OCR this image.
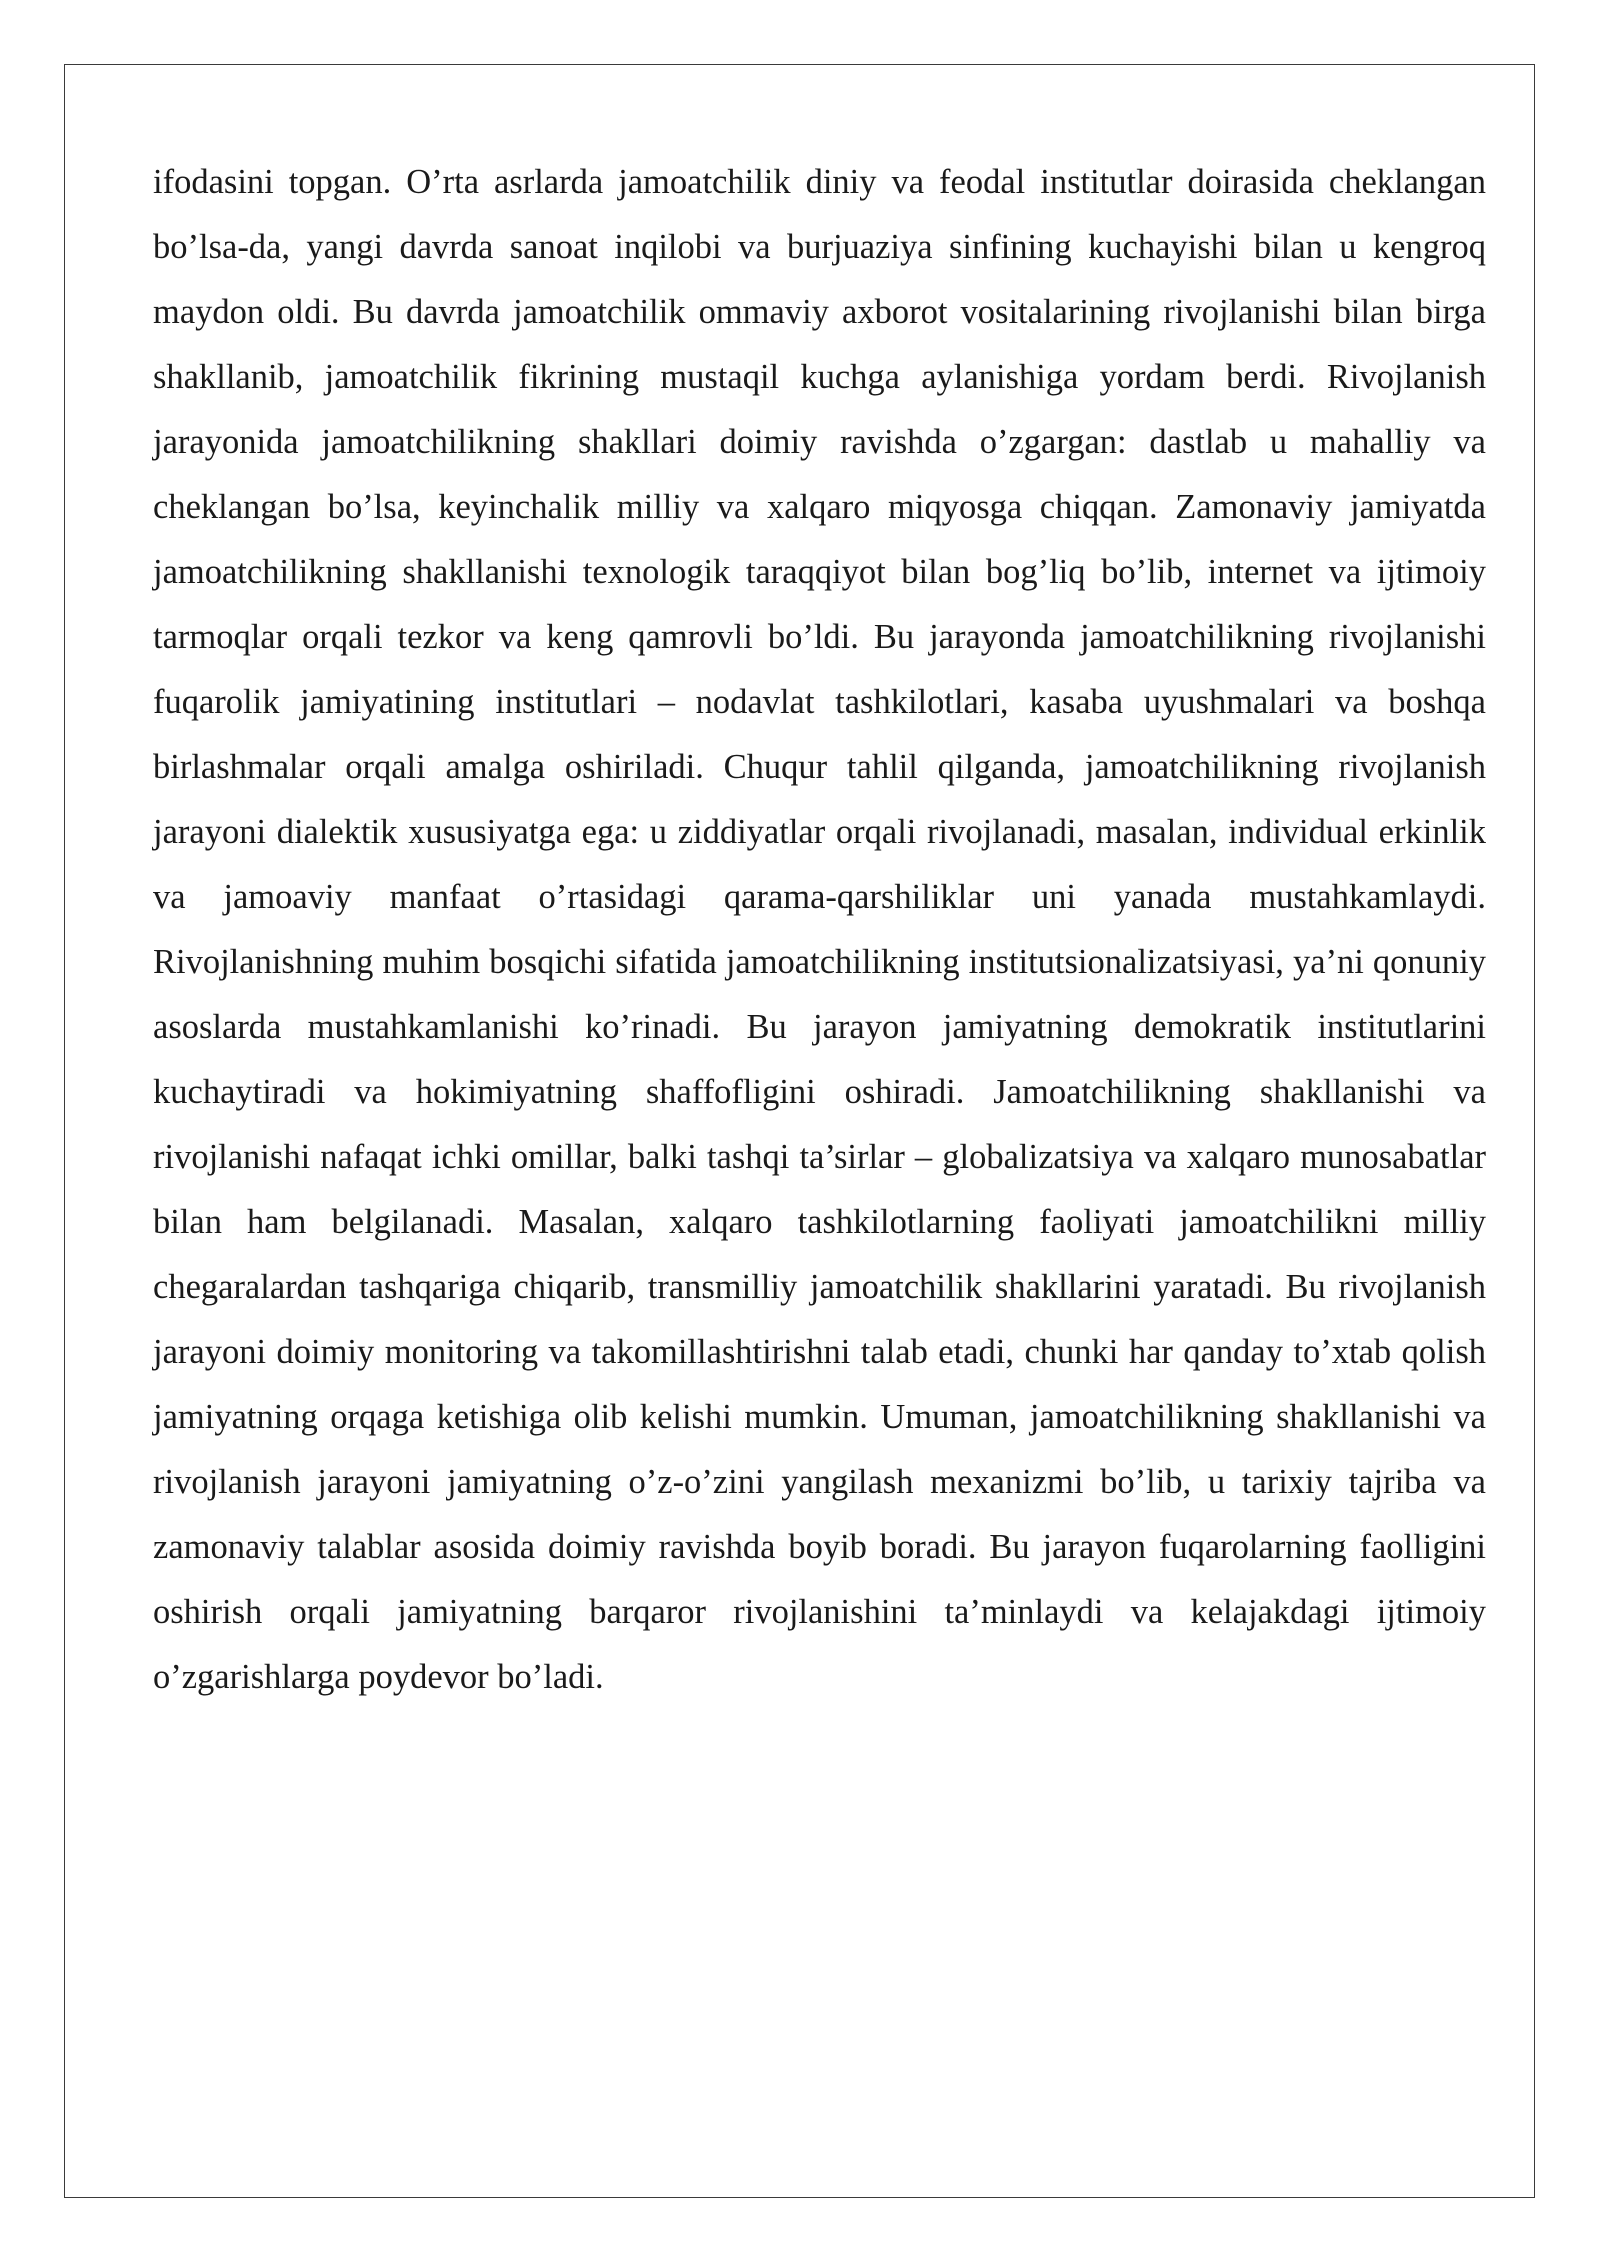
ifodasini topgan. O’rta asrlarda jamoatchilik diniy va feodal institutlar doirasida cheklangan bo’lsa-da, yangi davrda sanoat inqilobi va burjuaziya sinfining kuchayishi bilan u kengroq maydon oldi. Bu davrda jamoatchilik ommaviy axborot vositalarining rivojlanishi bilan birga shakllanib, jamoatchilik fikrining mustaqil kuchga aylanishiga yordam berdi. Rivojlanish jarayonida jamoatchilikning shakllari doimiy ravishda o’zgargan: dastlab u mahalliy va cheklangan bo’lsa, keyinchalik milliy va xalqaro miqyosga chiqqan. Zamonaviy jamiyatda jamoatchilikning shakllanishi texnologik taraqqiyot bilan bog’liq bo’lib, internet va ijtimoiy tarmoqlar orqali tezkor va keng qamrovli bo’ldi. Bu jarayonda jamoatchilikning rivojlanishi fuqarolik jamiyatining institutlari – nodavlat tashkilotlari, kasaba uyushmalari va boshqa birlashmalar orqali amalga oshiriladi. Chuqur tahlil qilganda, jamoatchilikning rivojlanish jarayoni dialektik xususiyatga ega: u ziddiyatlar orqali rivojlanadi, masalan, individual erkinlik va jamoaviy manfaat o’rtasidagi qarama-qarshiliklar uni yanada mustahkamlaydi. Rivojlanishning muhim bosqichi sifatida jamoatchilikning institutsionalizatsiyasi, ya’ni qonuniy asoslarda mustahkamlanishi ko’rinadi. Bu jarayon jamiyatning demokratik institutlarini kuchaytiradi va hokimiyatning shaffofligini oshiradi. Jamoatchilikning shakllanishi va rivojlanishi nafaqat ichki omillar, balki tashqi ta’sirlar – globalizatsiya va xalqaro munosabatlar bilan ham belgilanadi. Masalan, xalqaro tashkilotlarning faoliyati jamoatchilikni milliy chegaralardan tashqariga chiqarib, transmilliy jamoatchilik shakllarini yaratadi. Bu rivojlanish jarayoni doimiy monitoring va takomillashtirishni talab etadi, chunki har qanday to’xtab qolish jamiyatning orqaga ketishiga olib kelishi mumkin. Umuman, jamoatchilikning shakllanishi va rivojlanish jarayoni jamiyatning o’z-o’zini yangilash mexanizmi bo’lib, u tarixiy tajriba va zamonaviy talablar asosida doimiy ravishda boyib boradi. Bu jarayon fuqarolarning faolligini oshirish orqali jamiyatning barqaror rivojlanishini ta’minlaydi va kelajakdagi ijtimoiy o’zgarishlarga poydevor bo’ladi.
